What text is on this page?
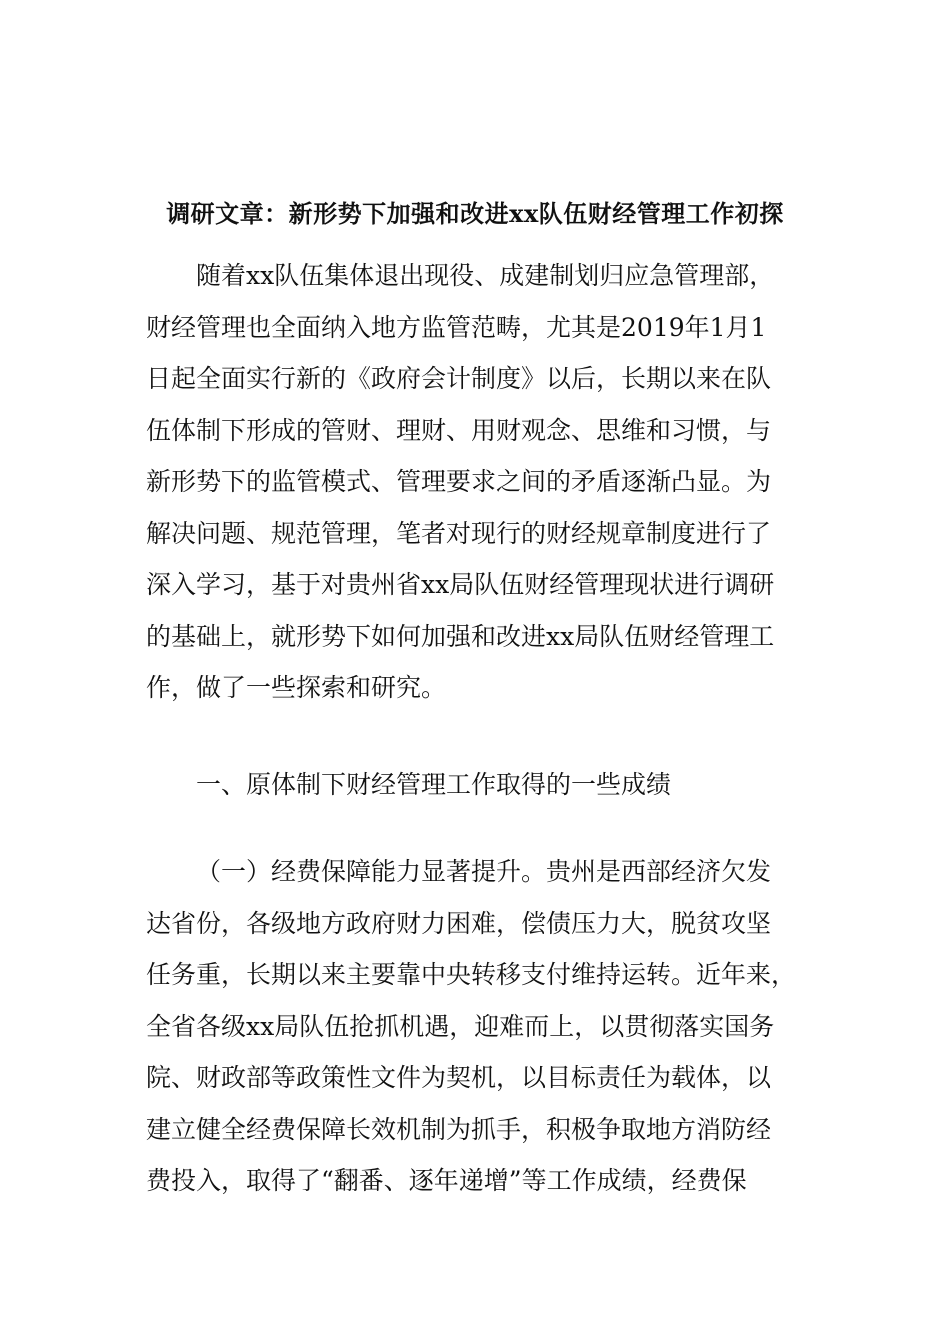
调研文章：新形势下加强和改进xx队伍财经管理工作初探
随着xx队伍集体退出现役、成建制划归应急管理部，
财经管理也全面纳入地方监管范畴，尤其是2019年1月1
日起全面实行新的《政府会计制度》以后，长期以来在队
伍体制下形成的管财、理财、用财观念、思维和习惯，与
新形势下的监管模式、管理要求之间的矛盾逐渐凸显。为
解决问题、规范管理，笔者对现行的财经规章制度进行了
深入学习，基于对贵州省xx局队伍财经管理现状进行调研
的基础上，就形势下如何加强和改进xx局队伍财经管理工
作，做了一些探索和研究。
一、原体制下财经管理工作取得的一些成绩
（一）经费保障能力显著提升。贵州是西部经济欠发
达省份，各级地方政府财力困难，偿债压力大，脱贫攻坚
任务重，长期以来主要靠中央转移支付维持运转。近年来，
全省各级xx局队伍抢抓机遇，迎难而上，以贯彻落实国务
院、财政部等政策性文件为契机，以目标责任为载体，以
建立健全经费保障长效机制为抓手，积极争取地方消防经
费投入，取得了“翻番、逐年递增”等工作成绩，经费保
